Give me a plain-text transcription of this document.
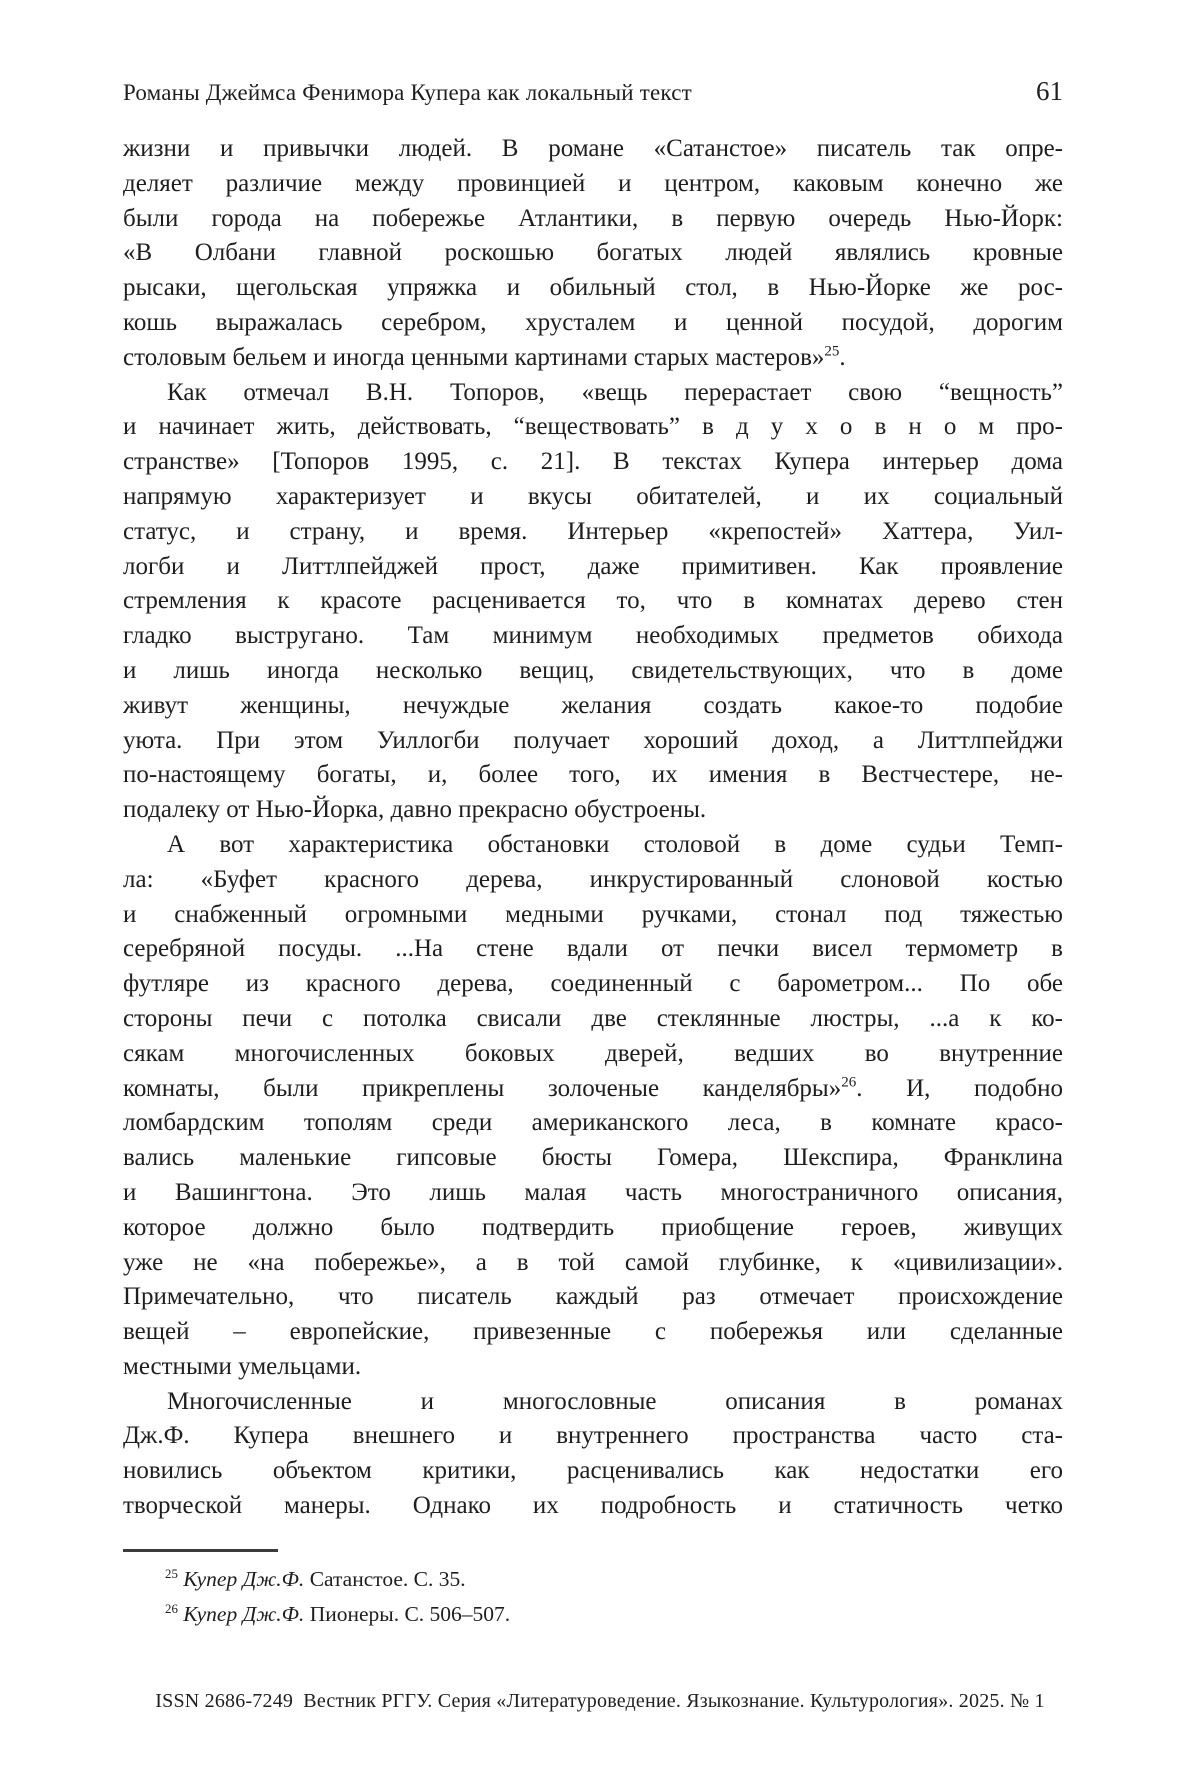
Романы Джеймса Фенимора Купера как локальный текст	61
жизни и привычки людей. В романе «Сатанстое» писатель так опре-
деляет различие между провинцией и центром, каковым конечно же
были города на побережье Атлантики, в первую очередь Нью-Йорк:
«В Олбани главной роскошью богатых людей являлись кровные
рысаки, щегольская упряжка и обильный стол, в Нью-Йорке же рос-
кошь выражалась серебром, хрусталем и ценной посудой, дорогим
столовым бельем и иногда ценными картинами старых мастеров»$^{25}$.
Как отмечал В.Н. Топоров, «вещь перерастает свою “вещность”
и начинает жить, действовать, “веществовать” в д у х о в н о м про-
странстве» [Топоров 1995, с. 21]. В текстах Купера интерьер дома
напрямую характеризует и вкусы обитателей, и их социальный
статус, и страну, и время. Интерьер «крепостей» Хаттера, Уил-
логби и Литтлпейджей прост, даже примитивен. Как проявление
стремления к красоте расценивается то, что в комнатах дерево стен
гладко выстругано. Там минимум необходимых предметов обихода
и лишь иногда несколько вещиц, свидетельствующих, что в доме
живут женщины, нечуждые желания создать какое-то подобие
уюта. При этом Уиллогби получает хороший доход, а Литтлпейджи
по-настоящему богаты, и, более того, их имения в Вестчестере, не-
подалеку от Нью-Йорка, давно прекрасно обустроены.
А вот характеристика обстановки столовой в доме судьи Темп-
ла: «Буфет красного дерева, инкрустированный слоновой костью
и снабженный огромными медными ручками, стонал под тяжестью
серебряной посуды. ...На стене вдали от печки висел термометр в
футляре из красного дерева, соединенный с барометром... По обе
стороны печи с потолка свисали две стеклянные люстры, ...а к ко-
сякам многочисленных боковых дверей, ведших во внутренние
комнаты, были прикреплены золоченые канделябры»$^{26}$. И, подобно
ломбардским тополям среди американского леса, в комнате красо-
вались маленькие гипсовые бюсты Гомера, Шекспира, Франклина
и Вашингтона. Это лишь малая часть многостраничного описания,
которое должно было подтвердить приобщение героев, живущих
уже не «на побережье», а в той самой глубинке, к «цивилизации».
Примечательно, что писатель каждый раз отмечает происхождение
вещей – европейские, привезенные с побережья или сделанные
местными умельцами.
Многочисленные и многословные описания в романах
Дж.Ф. Купера внешнего и внутреннего пространства часто ста-
новились объектом критики, расценивались как недостатки его
творческой манеры. Однако их подробность и статичность четко
$^{25}$ Купер Дж.Ф. Сатанстое. С. 35.
$^{26}$ Купер Дж.Ф. Пионеры. С. 506–507.
ISSN 2686-7249 Вестник РГГУ. Серия «Литературоведение. Языкознание. Культурология». 2025. № 1
